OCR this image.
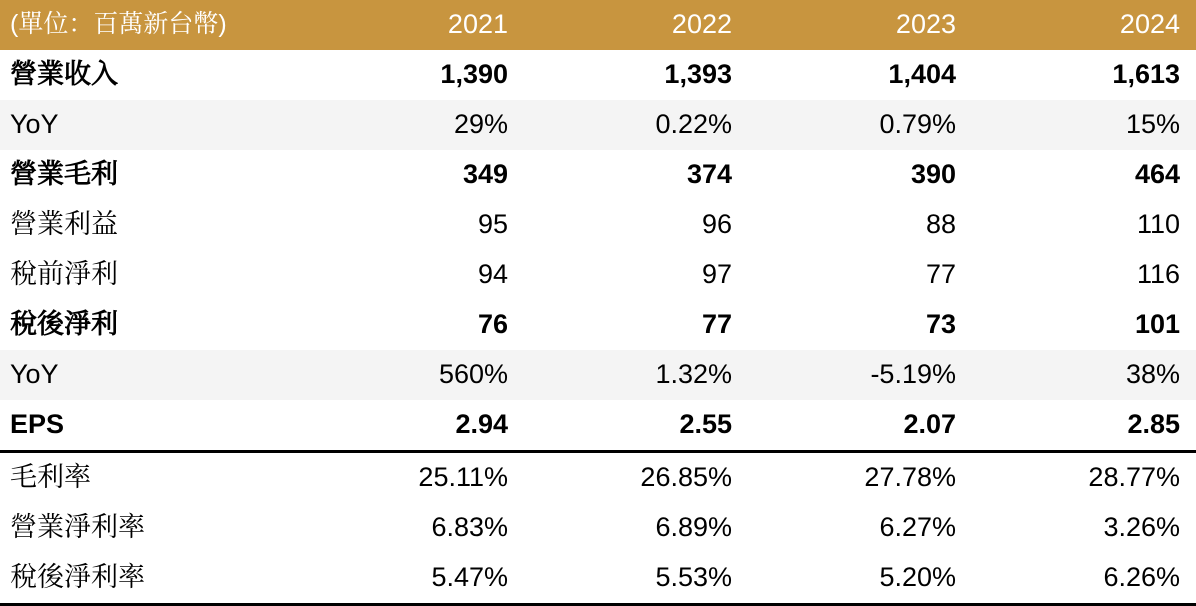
(單位：百萬新台幣)	2021	2022	2023	2024
營業收入	1,390	1,393	1,404	1,613
YoY	29%	0.22%	0.79%	15%
營業毛利	349	374	390	464
營業利益	95	96	88	110
稅前淨利	94	97	77	116
稅後淨利	76	77	73	101
YoY	560%	1.32%	-5.19%	38%
EPS	2.94	2.55	2.07	2.85
毛利率	25.11%	26.85%	27.78%	28.77%
營業淨利率	6.83%	6.89%	6.27%	3.26%
稅後淨利率	5.47%	5.53%	5.20%	6.26%
